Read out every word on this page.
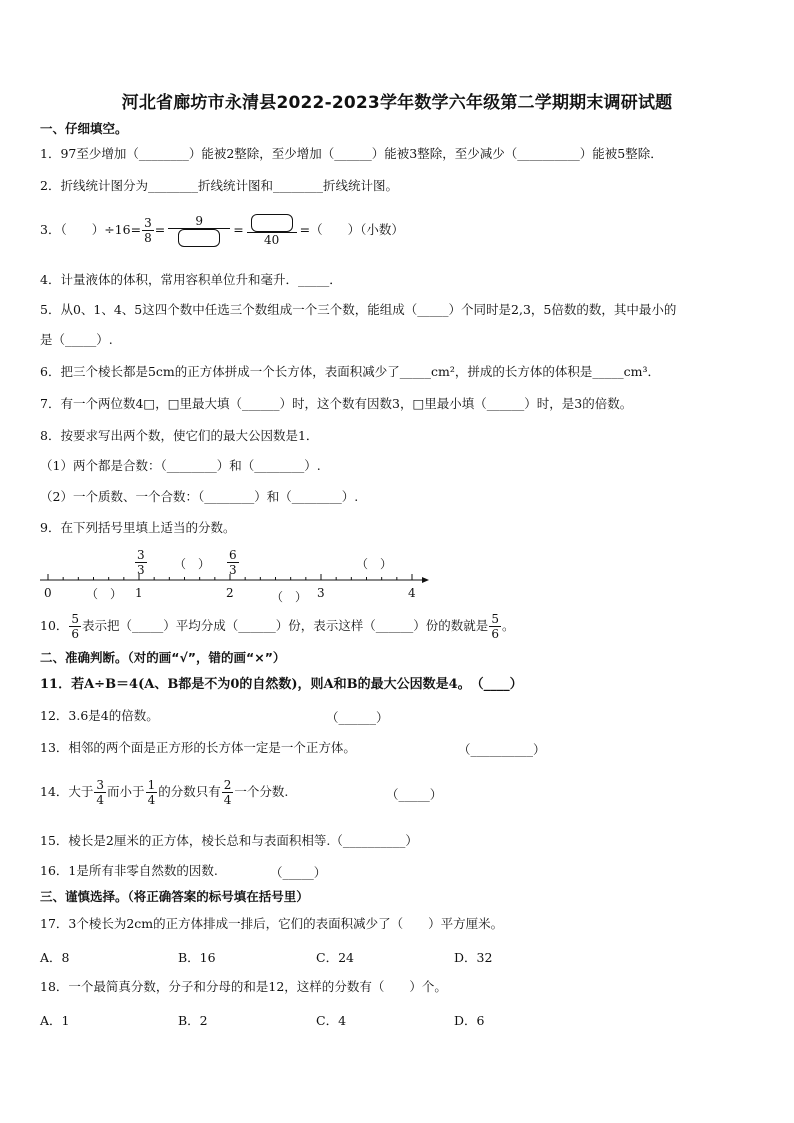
河北省廊坊市永清县2022-2023学年数学六年级第二学期期末调研试题
一、仔细填空。
1．97至少增加（________）能被2整除，至少增加（______）能被3整除，至少减少（__________）能被5整除．
2．折线统计图分为________折线统计图和________折线统计图。
3．（　　）$\div 16= \frac{3}{8}$ =
9
=
40
=（　　）（小数）
4．计量液体的体积，常用容积单位升和毫升．_____．
5．从0、1、4、5这四个数中任选三个数组成一个三个数，能组成（_____）个同时是2,3，5倍数的数，其中最小的
是（_____）.
6．把三个棱长都是5cm的正方体拼成一个长方体，表面积减少了_____cm²，拼成的长方体的体积是_____cm³．
7．有一个两位数4□，□里最大填（______）时，这个数有因数3，□里最小填（______）时，是3的倍数。
8．按要求写出两个数，使它们的最大公因数是1．
（1）两个都是合数：（________）和（________）.
（2）一个质数、一个合数：（________）和（________）.
9．在下列括号里填上适当的分数。
0	1	2	3	4
$\frac{3}{3}$	$\frac{6}{3}$
（　）	（　）
（　）	（　）
10． $\frac{5}{6}$ 表示把（_____）平均分成（______）份，表示这样（______）份的数就是 $\frac{5}{6}$ 。
二、准确判断。（对的画“√”，错的画“×”）
11．若A÷B＝4(A、B都是不为0的自然数)，则A和B的最大公因数是4。　（____）
12．3.6是4的倍数。	（______）
13．相邻的两个面是正方形的长方体一定是一个正方体。	（__________）
14．大于 $\frac{3}{4}$ 而小于 $\frac{1}{4}$ 的分数只有 $\frac{2}{4}$ 一个分数.	（_____）
15．棱长是2厘米的正方体，棱长总和与表面积相等.（__________）
16．1是所有非零自然数的因数.	（_____）
三、谨慎选择。（将正确答案的标号填在括号里）
17．3个棱长为2cm的正方体排成一排后，它们的表面积减少了（　　）平方厘米。
A．8	B．16	C．24	D．32
18．一个最简真分数，分子和分母的和是12，这样的分数有（　　）个。
A．1	B．2	C．4	D．6
